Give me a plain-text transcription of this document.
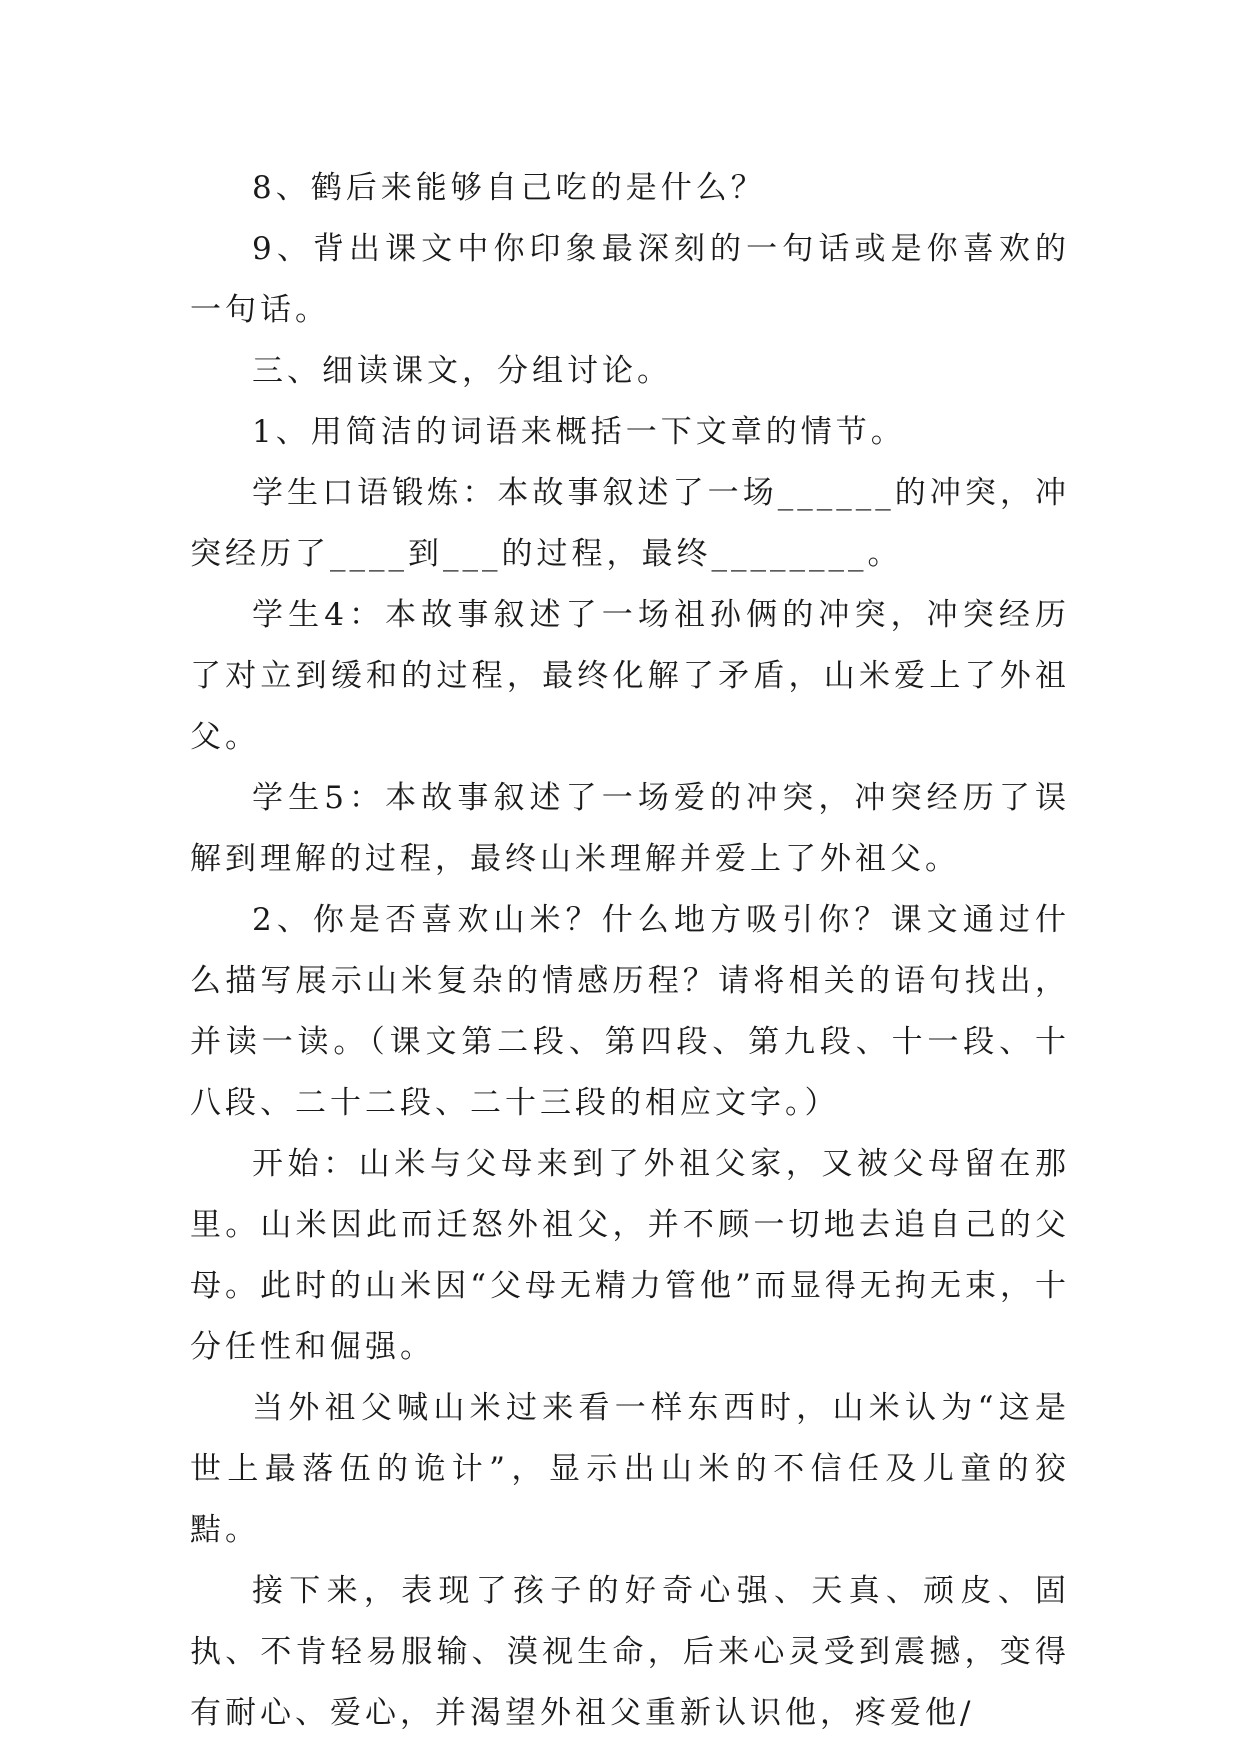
8、鹤后来能够自己吃的是什么？

9、背出课文中你印象最深刻的一句话或是你喜欢的一句话。

三、细读课文，分组讨论。

1、用简洁的词语来概括一下文章的情节。

学生口语锻炼：本故事叙述了一场______的冲突，冲突经历了____到___的过程，最终________。

学生4：本故事叙述了一场祖孙俩的冲突，冲突经历了对立到缓和的过程，最终化解了矛盾，山米爱上了外祖父。

学生5：本故事叙述了一场爱的冲突，冲突经历了误解到理解的过程，最终山米理解并爱上了外祖父。

2、你是否喜欢山米？什么地方吸引你？课文通过什么描写展示山米复杂的情感历程？请将相关的语句找出，并读一读。（课文第二段、第四段、第九段、十一段、十八段、二十二段、二十三段的相应文字。）

开始：山米与父母来到了外祖父家，又被父母留在那里。山米因此而迁怒外祖父，并不顾一切地去追自己的父母。此时的山米因“父母无精力管他”而显得无拘无束，十分任性和倔强。

当外祖父喊山米过来看一样东西时，山米认为“这是世上最落伍的诡计”，显示出山米的不信任及儿童的狡黠。

接下来，表现了孩子的好奇心强、天真、顽皮、固执、不肯轻易服输、漠视生命，后来心灵受到震撼，变得有耐心、爱心，并渴望外祖父重新认识他，疼爱他/
